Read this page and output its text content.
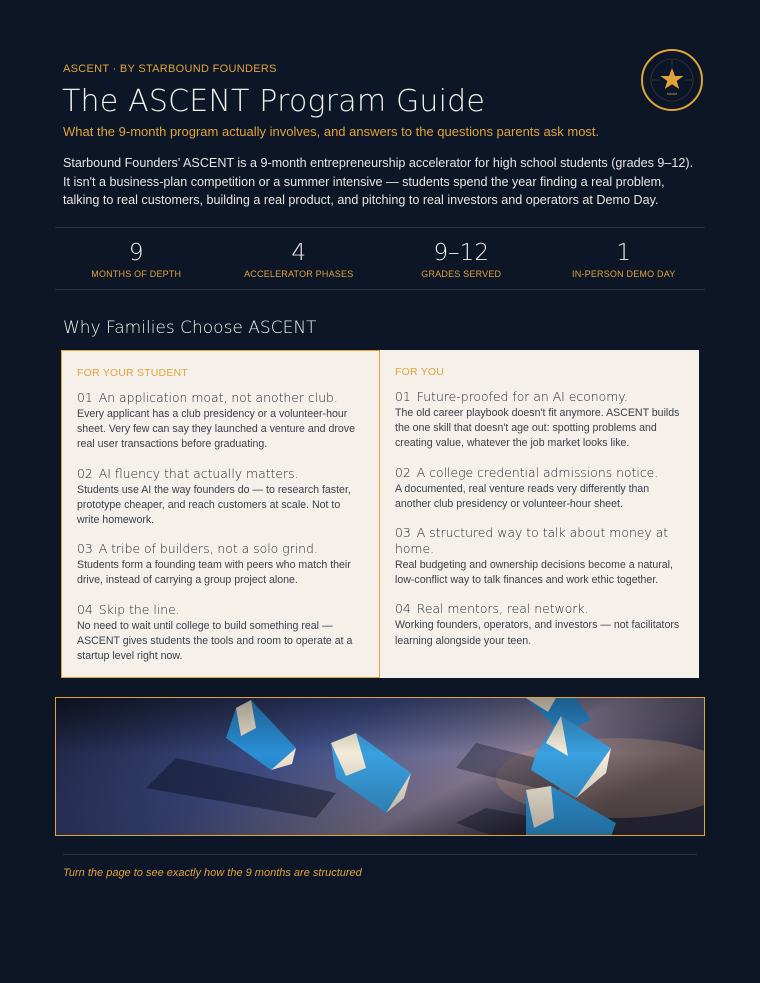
ASCENT · BY STARBOUND FOUNDERS
The ASCENT Program Guide
What the 9-month program actually involves, and answers to the questions parents ask most.

Starbound Founders' ASCENT is a 9-month entrepreneurship accelerator for high school students (grades 9–12). It isn't a business-plan competition or a summer intensive — students spend the year finding a real problem, talking to real customers, building a real product, and pitching to real investors and operators at Demo Day.

9
MONTHS OF DEPTH
4
ACCELERATOR PHASES
9–12
GRADES SERVED
1
IN-PERSON DEMO DAY
Why Families Choose ASCENT
FOR YOUR STUDENT
01 An application moat, not another club.
Every applicant has a club presidency or a volunteer-hour sheet. Very few can say they launched a venture and drove real user transactions before graduating.
02 AI fluency that actually matters.
Students use AI the way founders do — to research faster, prototype cheaper, and reach customers at scale. Not to write homework.
03 A tribe of builders, not a solo grind.
Students form a founding team with peers who match their drive, instead of carrying a group project alone.
04 Skip the line.
No need to wait until college to build something real — ASCENT gives students the tools and room to operate at a startup level right now.
FOR YOU
01 Future-proofed for an AI economy.
The old career playbook doesn't fit anymore. ASCENT builds the one skill that doesn't age out: spotting problems and creating value, whatever the job market looks like.
02 A college credential admissions notice.
A documented, real venture reads very differently than another club presidency or volunteer-hour sheet.
03 A structured way to talk about money at home.
Real budgeting and ownership decisions become a natural, low-conflict way to talk finances and work ethic together.
04 Real mentors, real network.
Working founders, operators, and investors — not facilitators learning alongside your teen.
Turn the page to see exactly how the 9 months are structured
